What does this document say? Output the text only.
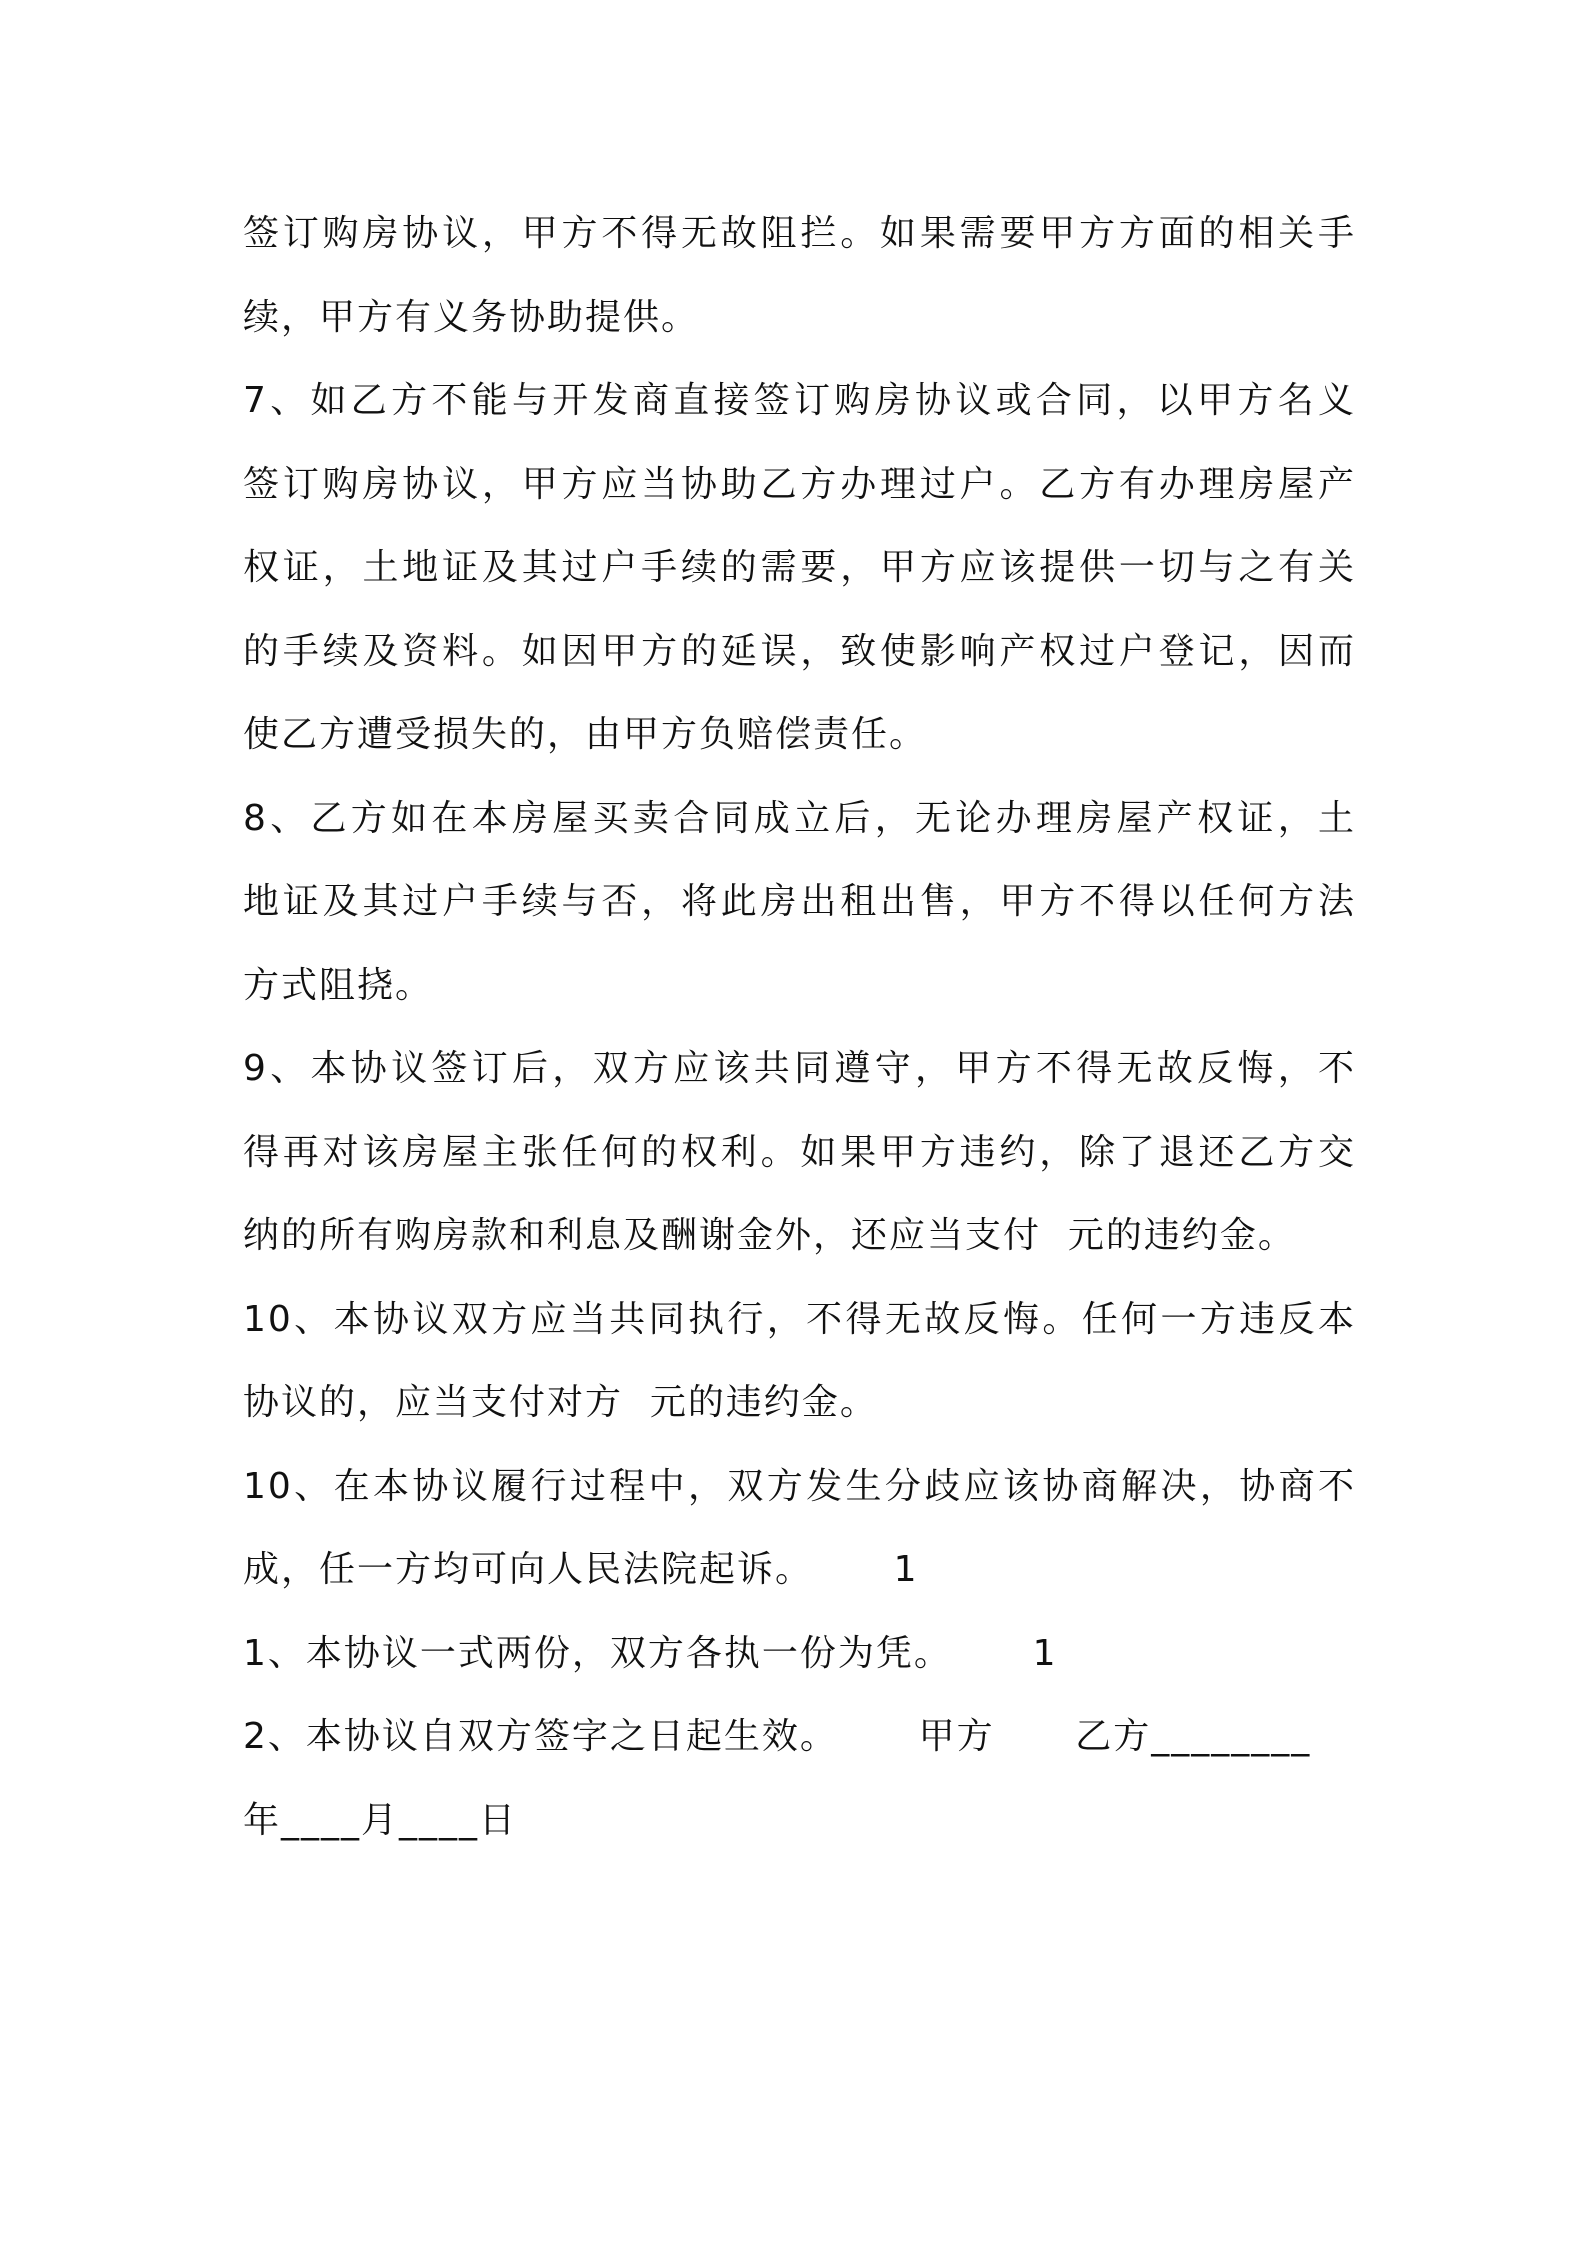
签订购房协议，甲方不得无故阻拦。如果需要甲方方面的相关手
续，甲方有义务协助提供。
7、如乙方不能与开发商直接签订购房协议或合同，以甲方名义
签订购房协议，甲方应当协助乙方办理过户。乙方有办理房屋产
权证，土地证及其过户手续的需要，甲方应该提供一切与之有关
的手续及资料。如因甲方的延误，致使影响产权过户登记，因而
使乙方遭受损失的，由甲方负赔偿责任。
8、乙方如在本房屋买卖合同成立后，无论办理房屋产权证，土
地证及其过户手续与否，将此房出租出售，甲方不得以任何方法
方式阻挠。
9、本协议签订后，双方应该共同遵守，甲方不得无故反悔，不
得再对该房屋主张任何的权利。如果甲方违约，除了退还乙方交
纳的所有购房款和利息及酬谢金外，还应当支付  元的违约金。
10、本协议双方应当共同执行，不得无故反悔。任何一方违反本
协议的，应当支付对方  元的违约金。
10、在本协议履行过程中，双方发生分歧应该协商解决，协商不
成，任一方均可向人民法院起诉。      1
1、本协议一式两份，双方各执一份为凭。      1
2、本协议自双方签字之日起生效。      甲方      乙方________
年____月____日
